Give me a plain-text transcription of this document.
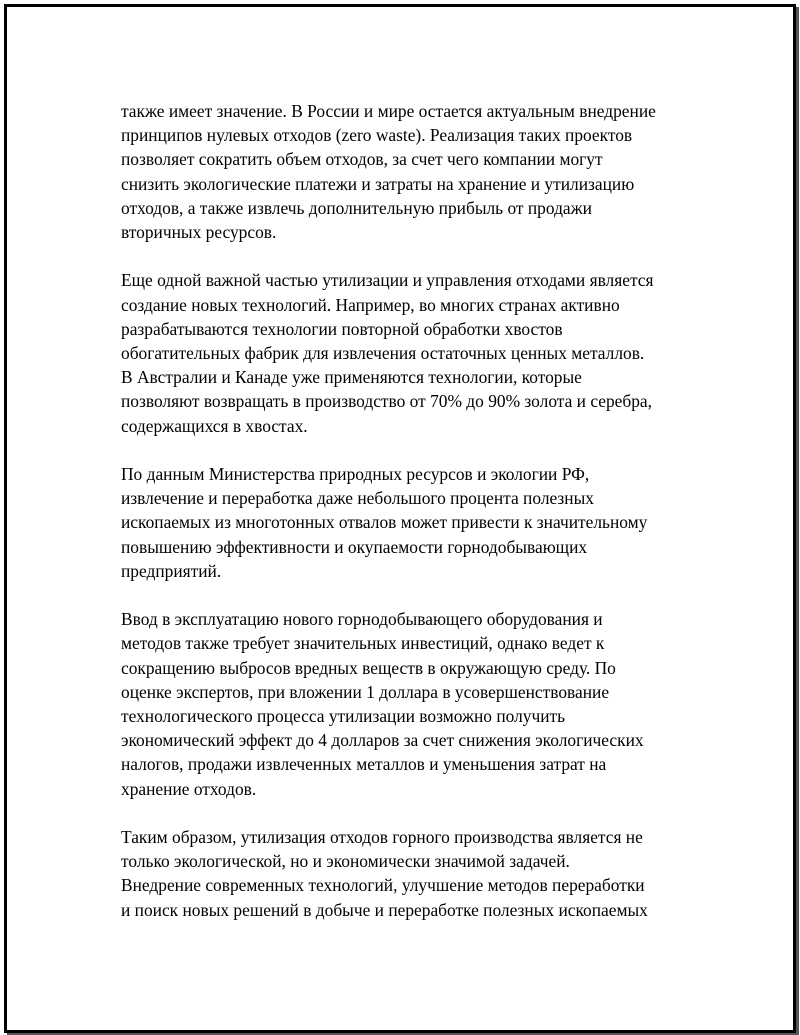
также имеет значение. В России и мире остается актуальным внедрение
принципов нулевых отходов (zero waste). Реализация таких проектов
позволяет сократить объем отходов, за счет чего компании могут
снизить экологические платежи и затраты на хранение и утилизацию
отходов, а также извлечь дополнительную прибыль от продажи
вторичных ресурсов.

Еще одной важной частью утилизации и управления отходами является
создание новых технологий. Например, во многих странах активно
разрабатываются технологии повторной обработки хвостов
обогатительных фабрик для извлечения остаточных ценных металлов.
В Австралии и Канаде уже применяются технологии, которые
позволяют возвращать в производство от 70% до 90% золота и серебра,
содержащихся в хвостах.

По данным Министерства природных ресурсов и экологии РФ,
извлечение и переработка даже небольшого процента полезных
ископаемых из многотонных отвалов может привести к значительному
повышению эффективности и окупаемости горнодобывающих
предприятий.

Ввод в эксплуатацию нового горнодобывающего оборудования и
методов также требует значительных инвестиций, однако ведет к
сокращению выбросов вредных веществ в окружающую среду. По
оценке экспертов, при вложении 1 доллара в усовершенствование
технологического процесса утилизации возможно получить
экономический эффект до 4 долларов за счет снижения экологических
налогов, продажи извлеченных металлов и уменьшения затрат на
хранение отходов.

Таким образом, утилизация отходов горного производства является не
только экологической, но и экономически значимой задачей.
Внедрение современных технологий, улучшение методов переработки
и поиск новых решений в добыче и переработке полезных ископаемых
